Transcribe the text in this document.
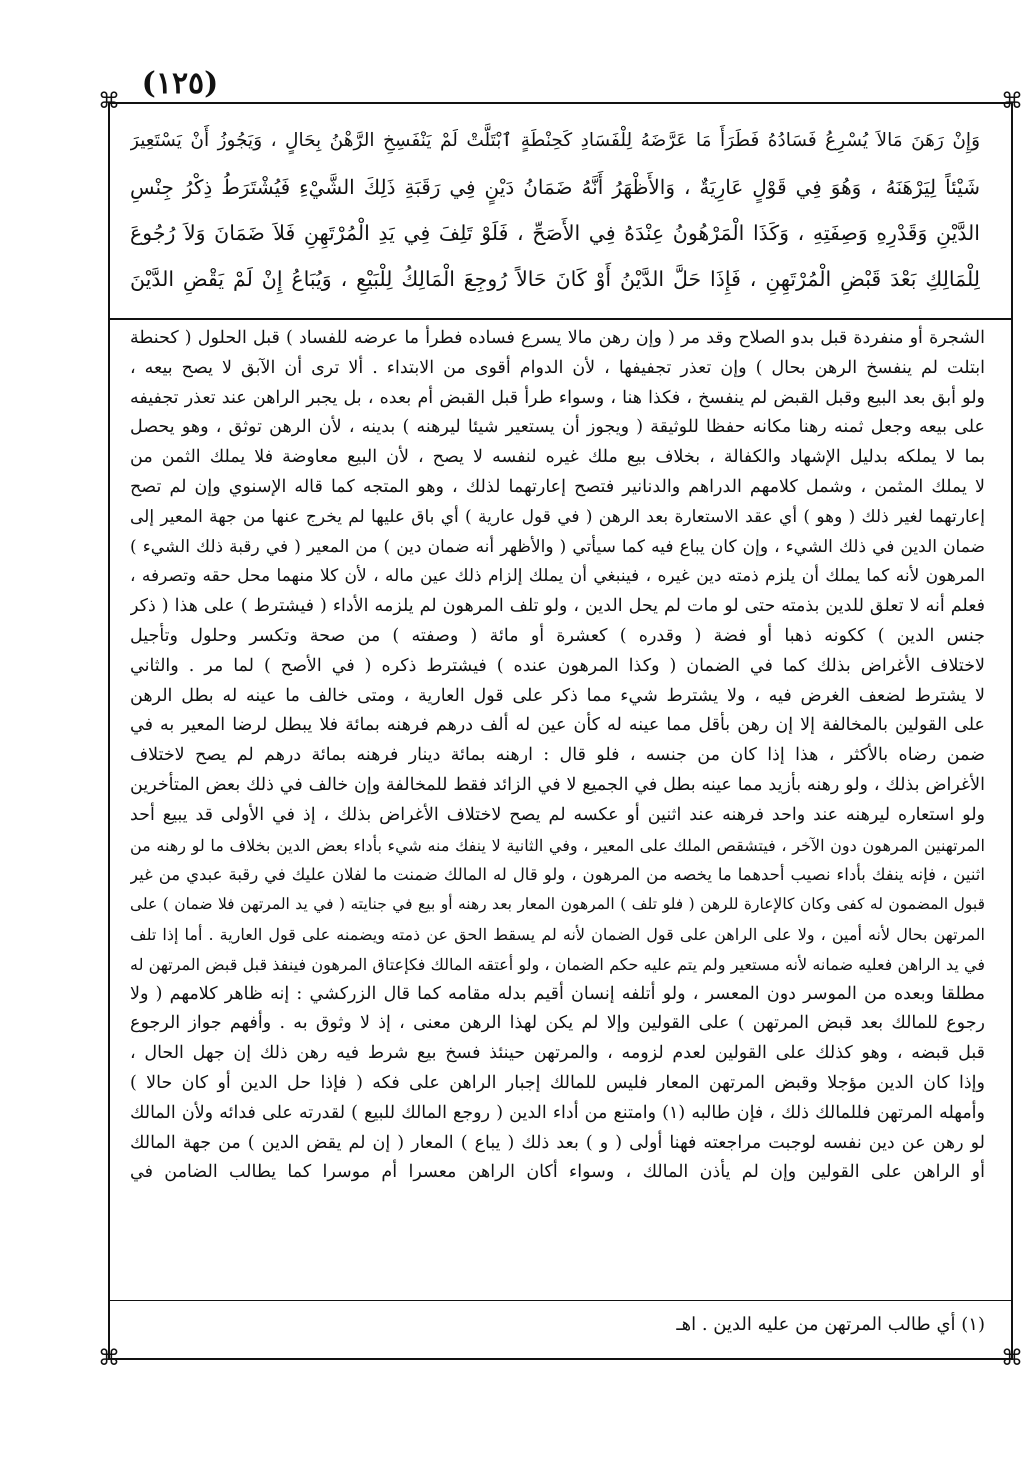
(١٢٥)
⌘	⌘
⌘	⌘
وَإِنْ رَهَنَ مَالاَ يُسْرِعُ فَسَادُهُ فَطَرَأَ مَا عَرَّضَهُ لِلْفَسَادِ كَحِنْطَةٍ ٱبْتَلَّتْ لَمْ يَنْفَسِخِ الرَّهْنُ بِحَالٍ ، وَيَجُوزُ أَنْ يَسْتَعِيرَ
شَيْئاً لِيَرْهَنَهُ ، وَهُوَ فِي قَوْلٍ عَارِيَةٌ ، وَالأَظْهَرُ أَنَّهُ ضَمَانُ دَيْنٍ فِي رَقَبَةِ ذَلِكَ الشَّيْءِ فَيُشْتَرَطُ ذِكْرُ جِنْسِ
الدَّيْنِ وَقَدْرِهِ وَصِفَتِهِ ، وَكَذَا الْمَرْهُونُ عِنْدَهُ فِي الأَصَحِّ ، فَلَوْ تَلِفَ فِي يَدِ الْمُرْتَهِنِ فَلاَ ضَمَانَ وَلاَ رُجُوعَ
لِلْمَالِكِ بَعْدَ قَبْضِ الْمُرْتَهِنِ ، فَإِذَا حَلَّ الدَّيْنُ أَوْ كَانَ حَالاً رُوجِعَ الْمَالِكُ لِلْبَيْعِ ، وَيُبَاعُ إِنْ لَمْ يَقْضِ الدَّيْنَ
الشجرة أو منفردة قبل بدو الصلاح وقد مر ( وإن رهن مالا يسرع فساده فطرأ ما عرضه للفساد ) قبل الحلول ( كحنطة
ابتلت لم ينفسخ الرهن بحال ) وإن تعذر تجفيفها ، لأن الدوام أقوى من الابتداء . ألا ترى أن الآبق لا يصح بيعه ،
ولو أبق بعد البيع وقبل القبض لم ينفسخ ، فكذا هنا ، وسواء طرأ قبل القبض أم بعده ، بل يجبر الراهن عند تعذر تجفيفه
على بيعه وجعل ثمنه رهنا مكانه حفظا للوثيقة ( ويجوز أن يستعير شيئا ليرهنه ) بدينه ، لأن الرهن توثق ، وهو يحصل
بما لا يملكه بدليل الإشهاد والكفالة ، بخلاف بيع ملك غيره لنفسه لا يصح ، لأن البيع معاوضة فلا يملك الثمن من
لا يملك المثمن ، وشمل كلامهم الدراهم والدنانير فتصح إعارتهما لذلك ، وهو المتجه كما قاله الإسنوي وإن لم تصح
إعارتهما لغير ذلك ( وهو ) أي عقد الاستعارة بعد الرهن ( في قول عارية ) أي باق عليها لم يخرج عنها من جهة المعير إلى
ضمان الدين في ذلك الشيء ، وإن كان يباع فيه كما سيأتي ( والأظهر أنه ضمان دين ) من المعير ( في رقبة ذلك الشيء )
المرهون لأنه كما يملك أن يلزم ذمته دين غيره ، فينبغي أن يملك إلزام ذلك عين ماله ، لأن كلا منهما محل حقه وتصرفه ،
فعلم أنه لا تعلق للدين بذمته حتى لو مات لم يحل الدين ، ولو تلف المرهون لم يلزمه الأداء ( فيشترط ) على هذا ( ذكر
جنس الدين ) ككونه ذهبا أو فضة ( وقدره ) كعشرة أو مائة ( وصفته ) من صحة وتكسر وحلول وتأجيل
لاختلاف الأغراض بذلك كما في الضمان ( وكذا المرهون عنده ) فيشترط ذكره ( في الأصح ) لما مر . والثاني
لا يشترط لضعف الغرض فيه ، ولا يشترط شيء مما ذكر على قول العارية ، ومتى خالف ما عينه له بطل الرهن
على القولين بالمخالفة إلا إن رهن بأقل مما عينه له كأن عين له ألف درهم فرهنه بمائة فلا يبطل لرضا المعير به في
ضمن رضاه بالأكثر ، هذا إذا كان من جنسه ، فلو قال : ارهنه بمائة دينار فرهنه بمائة درهم لم يصح لاختلاف
الأغراض بذلك ، ولو رهنه بأزيد مما عينه بطل في الجميع لا في الزائد فقط للمخالفة وإن خالف في ذلك بعض المتأخرين
ولو استعاره ليرهنه عند واحد فرهنه عند اثنين أو عكسه لم يصح لاختلاف الأغراض بذلك ، إذ في الأولى قد يبيع أحد
المرتهنين المرهون دون الآخر ، فيتشقص الملك على المعير ، وفي الثانية لا ينفك منه شيء بأداء بعض الدين بخلاف ما لو رهنه من
اثنين ، فإنه ينفك بأداء نصيب أحدهما ما يخصه من المرهون ، ولو قال له المالك ضمنت ما لفلان عليك في رقبة عبدي من غير
قبول المضمون له كفى وكان كالإعارة للرهن ( فلو تلف ) المرهون المعار بعد رهنه أو بيع في جنايته ( في يد المرتهن فلا ضمان ) على
المرتهن بحال لأنه أمين ، ولا على الراهن على قول الضمان لأنه لم يسقط الحق عن ذمته ويضمنه على قول العارية . أما إذا تلف
في يد الراهن فعليه ضمانه لأنه مستعير ولم يتم عليه حكم الضمان ، ولو أعتقه المالك فكإعتاق المرهون فينفذ قبل قبض المرتهن له
مطلقا وبعده من الموسر دون المعسر ، ولو أتلفه إنسان أقيم بدله مقامه كما قال الزركشي : إنه ظاهر كلامهم ( ولا
رجوع للمالك بعد قبض المرتهن ) على القولين وإلا لم يكن لهذا الرهن معنى ، إذ لا وثوق به . وأفهم جواز الرجوع
قبل قبضه ، وهو كذلك على القولين لعدم لزومه ، والمرتهن حينئذ فسخ بيع شرط فيه رهن ذلك إن جهل الحال ،
وإذا كان الدين مؤجلا وقبض المرتهن المعار فليس للمالك إجبار الراهن على فكه ( فإذا حل الدين أو كان حالا )
وأمهله المرتهن فللمالك ذلك ، فإن طالبه (١) وامتنع من أداء الدين ( روجع المالك للبيع ) لقدرته على فدائه ولأن المالك
لو رهن عن دين نفسه لوجبت مراجعته فهنا أولى ( و ) بعد ذلك ( يباع ) المعار ( إن لم يقض الدين ) من جهة المالك
أو الراهن على القولين وإن لم يأذن المالك ، وسواء أكان الراهن معسرا أم موسرا كما يطالب الضامن في
(١) أي طالب المرتهن من عليه الدين . اهـ
